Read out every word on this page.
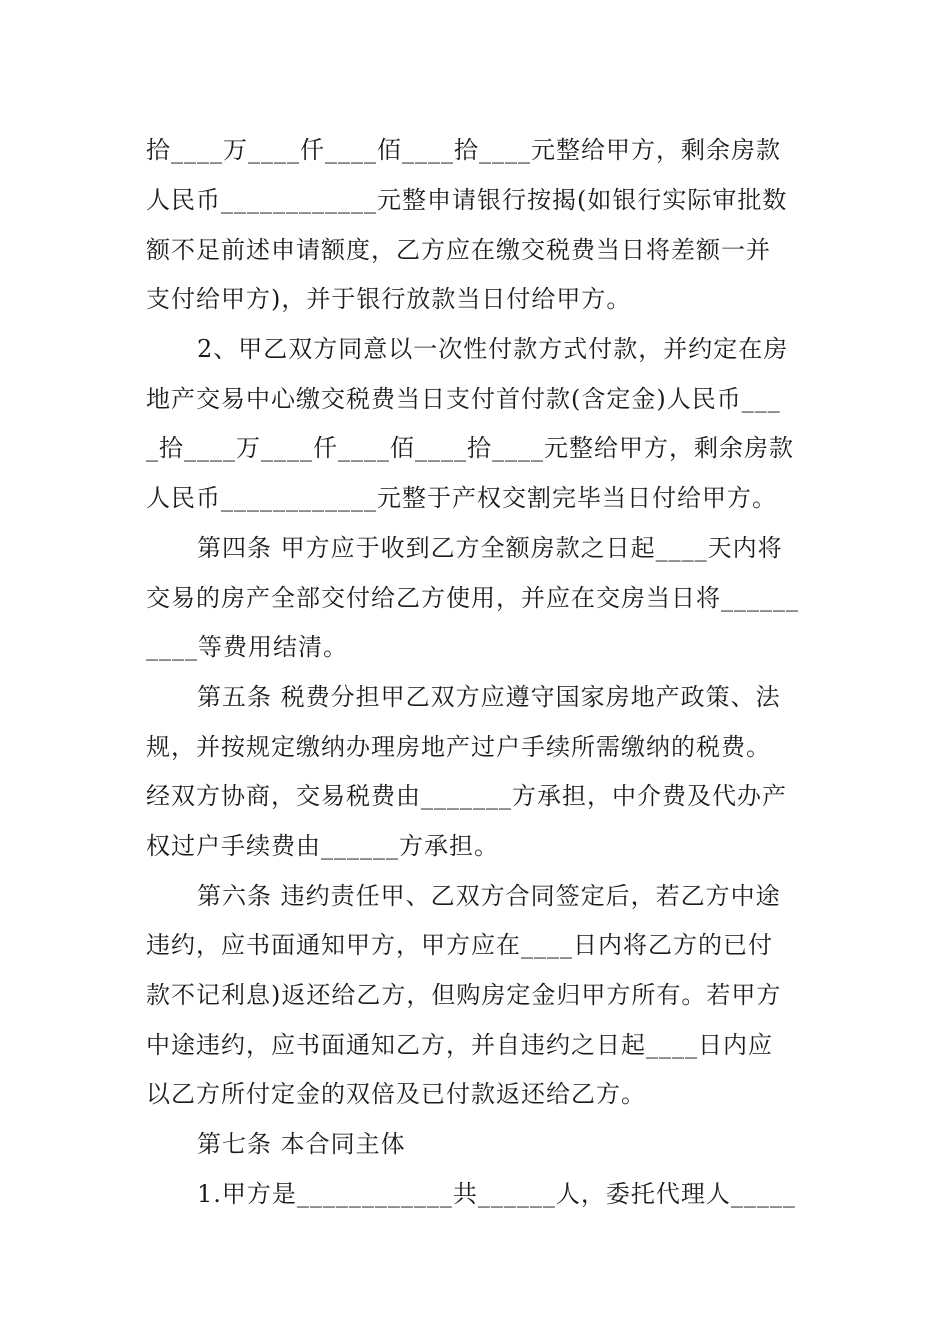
拾____万____仟____佰____拾____元整给甲方，剩余房款
人民币____________元整申请银行按揭(如银行实际审批数
额不足前述申请额度，乙方应在缴交税费当日将差额一并
支付给甲方)，并于银行放款当日付给甲方。
2、甲乙双方同意以一次性付款方式付款，并约定在房
地产交易中心缴交税费当日支付首付款(含定金)人民币___
_拾____万____仟____佰____拾____元整给甲方，剩余房款
人民币____________元整于产权交割完毕当日付给甲方。
第四条 甲方应于收到乙方全额房款之日起____天内将
交易的房产全部交付给乙方使用，并应在交房当日将______
____等费用结清。
第五条 税费分担甲乙双方应遵守国家房地产政策、法
规，并按规定缴纳办理房地产过户手续所需缴纳的税费。
经双方协商，交易税费由_______方承担，中介费及代办产
权过户手续费由______方承担。
第六条 违约责任甲、乙双方合同签定后，若乙方中途
违约，应书面通知甲方，甲方应在____日内将乙方的已付
款不记利息)返还给乙方，但购房定金归甲方所有。若甲方
中途违约，应书面通知乙方，并自违约之日起____日内应
以乙方所付定金的双倍及已付款返还给乙方。
第七条 本合同主体
1.甲方是____________共______人，委托代理人_____
